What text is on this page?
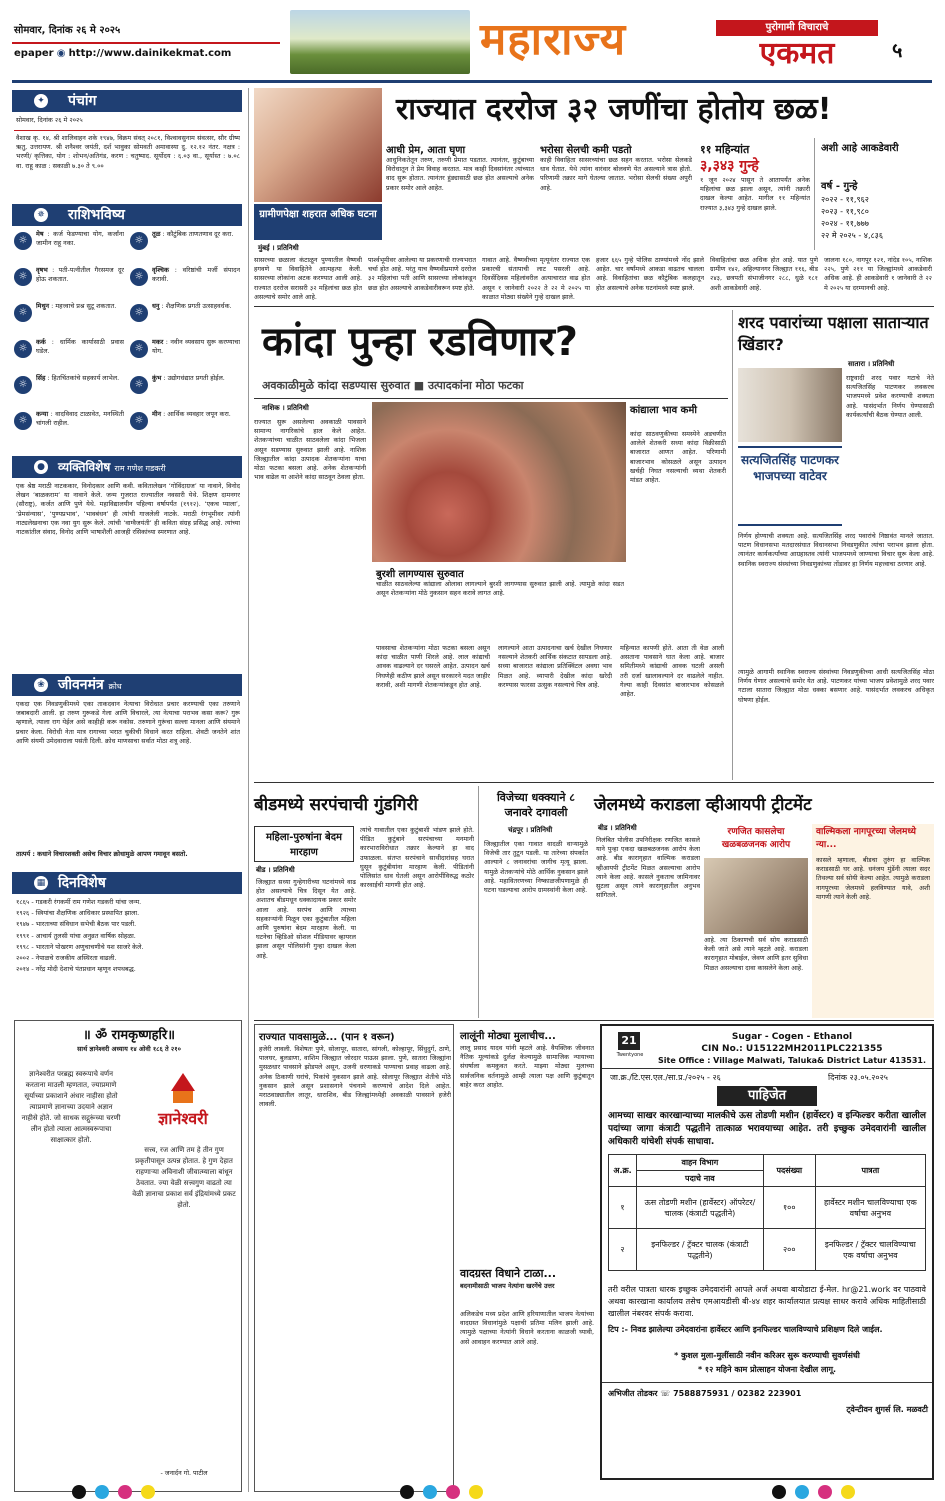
सोमवार, दिनांक २६ मे २०२५
epaper ◉ http://www.dainikekmat.com	महाराज्य	पुरोगामी विचाराचे
एकमत	५
✦ पंचांग
सोमवार, दिनांक २६ मे २०२५
वैशाख कृ. १४, श्री शालिवाहन शके १९४७, विक्रम संवत् २०८१, विश्वावसुनाम संवत्सर, सौर ग्रीष्म ऋतु, उत्तरायण. श्री शनैश्वर जयंती, दर्श भावुका सोमवती अमावास्या दु. १२.१२ नंतर. नक्षत्र : भरणी/ कृत्तिका, योग : शोभन/अतिगंड, करण : चतुष्पाद. सूर्योदय : ६.०३ वा., सूर्यास्त : ७.०८ वा. राहू काळ : सकाळी ७.३० ते ९.००
✵ राशिभविष्य
☼
मेष : कर्ज फेडण्याचा योग, कर्जांना जामीन राहू नका.
☼
वृषभ : पती-पत्नीतील गैरसमज दूर होऊ शकतात.
☼
मिथुन : महत्त्वाचे प्रश्न सुटू शकतात.
☼
कर्क : धार्मिक कार्यासाठी प्रवास घडेल.
☼
सिंह : हितचिंतकांचे सहकार्य लाभेल.
☼
कन्या : वादविवाद टाळावेत, मनस्थिती चांगली राहील.
☼
तूळ : कौटुंबिक ताणतणाव दूर करा.
☼
वृश्चिक : वरिष्ठांची मर्जी संपादन करावी.
☼
धनु : शैक्षणिक प्रगती उत्साहवर्धक.
☼
मकर : नवीन व्यवसाय सुरू करण्याचा योग.
☼
कुंभ : उद्योगधंद्यात प्रगती होईल.
☼
मीन : आर्थिक व्यवहार जपून करा.
● व्यक्तिविशेष राम गणेश गडकरी
एक श्रेष्ठ मराठी नाटककार, विनोदकार आणि कवी. कवितालेखन ‘गोविंदाग्रज’ या नावाने, विनोद लेखन ‘बाळकराम’ या नावाने केले. जन्म गुजरात राज्यातील नवसारी येथे. शिक्षण दामनगर (सौराष्ट्र), कर्जत आणि पुणे येथे. महाविद्यालयीन पहिल्या वर्षापर्यंत (१९१२). ‘एकच प्याला’, ‘प्रेमसंन्यास’, ‘पुण्यप्रभाव’, ‘भावबंधन’ ही त्यांची गाजलेली नाटके. मराठी रंगभूमीवर त्यांनी नाट्यलेखनाचा एक नवा युग सुरू केले. त्यांची ‘वाग्वैजयंती’ ही कविता संग्रह प्रसिद्ध आहे. त्यांच्या नाटकांतील संवाद, विनोद आणि भाषाशैली आजही रसिकांच्या स्मरणात आहे.
❀ जीवनमंत्र क्रोध
एकदा एक निवडणुकीमध्ये एका ताकदवान नेत्याचा विरोधात प्रचार करण्याची एका तरुणाने जबाबदारी आली. हा तरुण गुरूकडे गेला आणि विचारले, त्या नेत्याचा पराभव कसा करू? गुरू म्हणाले, त्याला राग येईल असे काहीही करू नकोस. तरुणाने गुरूंचा सल्ला मानला आणि संयमाने प्रचार केला. विरोधी नेता मात्र रागाच्या भरात चुकीची विधाने करत राहिला. शेवटी जनतेने शांत आणि संयमी उमेदवाराला पसंती दिली. क्रोध माणसाचा सर्वात मोठा शत्रू आहे.
तात्पर्य : कधाने विचारशक्ती असेच विचार क्रोधामुळे आपण गमावून बसतो.
▦ दिनविशेष
१८६५ - गडकरी रंगकर्मी राम गणेश गडकरी यांचा जन्म.
१९२६ - स्त्रियांचा शैक्षणिक आधिकार प्रस्थापित झाला.
१९४७ - भारताच्या संविधान सभेची बैठक पार पडली.
१९९१ - आचार्य तुलसी यांचा अनुव्रत वार्षिक सोहळा.
१९९८ - भारताने पोखरण अणुचाचणीचे यश साजरे केले.
२००२ - नेपाळचे राजकीय अस्थिरता वाढली.
२०१४ - नरेंद्र मोदी देशाचे पंतप्रधान म्हणून शपथबद्ध.
॥ ॐ रामकृष्णहरि॥
सार्थ ज्ञानेश्वरी अध्याय १४ ओवी १८६ ते २१०
ज्ञानेश्वरीत परब्रह्म स्वरूपाचे वर्णन करताना माउली म्हणतात, ज्याप्रमाणे सूर्याच्या प्रकाशाने अंधार नाहीसा होतो त्याप्रमाणे ज्ञानाच्या उदयाने अज्ञान नाहीसे होते. जो साधक सद्गुरूंच्या चरणी लीन होतो त्याला आत्मस्वरूपाचा साक्षात्कार होतो.
ज्ञानेश्वरी
सत्त्व, रज आणि तम हे तीन गुण प्रकृतीपासून उत्पन्न होतात. हे गुण देहात राहणाऱ्या अविनाशी जीवात्म्याला बांधून ठेवतात. ज्या वेळी सत्त्वगुण वाढतो त्या वेळी ज्ञानाचा प्रकाश सर्व इंद्रियांमध्ये प्रकट होतो.
- जनार्दन गो. पाटील
ग्रामीणपेक्षा शहरात अधिक घटना
राज्यात दररोज ३२ जणींचा होतोय छळ!
आधी प्रेम, आता घृणा
आधुनिकतेतून तरुण, तरुणी प्रेमात पडतात. त्यानंतर, कुटुंबाच्या विरोधातून ते प्रेम विवाह करतात. मात्र काही दिवसांनंतर त्यांच्यात वाद सुरू होतात. त्यानंतर हुंड्यासाठी छळ होत असल्याचे अनेक प्रकार समोर आले आहेत.
भरोसा सेलची कमी पडतो
काही विवाहिता सासरच्यांचा छळ सहन करतात. भरोसा सेलकडे धाव घेतात. येथे त्यांना वारंवार बोलवणे येत असल्याने त्रास होतो. परिणामी तक्रार मागे घेतल्या जातात. भरोसा सेलची संख्या अपुरी आहे.
११ महिन्यांत
३,३४३ गुन्हे
१ जून २०२४ पासून ते आतापर्यंत अनेक महिलांचा छळ झाला असून, त्यांनी तक्रारी दाखल केल्या आहेत. मागील ११ महिन्यांत राज्यात ३,३४३ गुन्हे दाखल झाले.
अशी आहे आकडेवारी
वर्ष - गुन्हे
२०२२ - ११,९६२
२०२३ - ११,९८०
२०२४ - ११,७७७
२२ मे २०२५ - ४,८३६
मुंबई । प्रतिनिधी
सासरच्या छळाला कंटाळून पुण्यातील वैष्णवी हगवणे या विवाहितेने आत्महत्या केली. सासरच्या लोकांना अटक करण्यात आली आहे. राज्यात दररोज सरासरी ३२ महिलांचा छळ होत असल्याचे समोर आले आहे.
पार्श्वभूमीवर आलेल्या या प्रकरणाची राज्यभरात चर्चा होत आहे. परंतु याच वैष्णवीप्रमाणे दररोज ३२ महिलांचा पती आणि सासरच्या लोकांकडून छळ होत असल्याचे आकडेवारीवरून स्पष्ट होते.
गावात आहे. वैष्णवीच्या मृत्यूनंतर राज्यात एक प्रकारची संतापाची लाट पसरली आहे. दिवसेंदिवस महिलांवरील अत्याचारात वाढ होत असून १ जानेवारी २०२२ ते २२ मे २०२५ या काळात मोठ्या संख्येने गुन्हे दाखल झाले.
हजार ६६५ गुन्हे पोलिस ठाण्यांमध्ये नोंद झाले आहेत. चार वर्षांमध्ये आकडा वाढतच चालला आहे. विवाहितांचा छळ कौटुंबिक कलहातून होत असल्याचे अनेक घटनांमध्ये स्पष्ट झाले.
विवाहितांचा छळ अधिक होत आहे. यात पुणे ग्रामीण १४२, अहिल्यानगर जिल्ह्यात ११६, बीड २४३, छत्रपती संभाजीनगर २८८, धुळे १८१ अशी आकडेवारी आहे.
जालना १८०, नागपूर १२१, नांदेड १०५, नाशिक २२५, पुणे २११ या जिल्ह्यांमध्ये आकडेवारी अधिक आहे. ही आकडेवारी १ जानेवारी ते २२ मे २०२५ या दरम्यानची आहे.
कांदा पुन्हा रडविणार?
अवकाळीमुळे कांदा सडण्यास सुरुवात ■ उत्पादकांना मोठा फटका
नाशिक । प्रतिनिधी	कांद्याला भाव कमी
कांदा साठवणुकीच्या समस्येने अडचणीत आलेले शेतकरी सध्या कांदा विक्रीसाठी बाजारात आणत आहेत. परिणामी बाजारभाव कोसळले असून उत्पादन खर्चही निघत नसल्याची व्यथा शेतकरी मांडत आहेत.
बुरशी लागण्यास सुरुवात
चाळीत साठवलेल्या कांद्याला ओलावा लागल्याने बुरशी लागण्यास सुरुवात झाली आहे. त्यामुळे कांदा सडत असून शेतकऱ्यांना मोठे नुकसान सहन करावे लागत आहे.
राज्यात सुरू असलेल्या अवकाळी पावसाने सामान्य नागरिकांचे हाल केले आहेत. शेतकऱ्यांच्या चाळीत साठवलेला कांदा भिजला असून सडण्यास सुरुवात झाली आहे. नाशिक जिल्ह्यातील कांदा उत्पादक शेतकऱ्यांना याचा मोठा फटका बसला आहे. अनेक शेतकऱ्यांनी भाव वाढेल या आशेने कांदा साठवून ठेवला होता.
पावसाचा शेतकऱ्यांना मोठा फटका बसला असून कांदा चाळीत पाणी शिरले आहे. लाल कांद्याची आवक वाढल्याने दर घसरले आहेत. उत्पादन खर्च निघणेही कठीण झाले असून सरकारने मदत जाहीर करावी, अशी मागणी शेतकऱ्यांकडून होत आहे.
लागल्याने आता उत्पादनाचा खर्च देखील निघणार नसल्याने शेतकरी आर्थिक संकटात सापडला आहे. सध्या बाजारात कांद्याला प्रतिक्विंटल अवघा भाव मिळत आहे. व्यापारी देखील कांदा खरेदी करण्यास फारसा उत्सुक नसल्याचे चित्र आहे.
महिन्यात कापणी होते. आता ती वेळ आली असताना पावसाने घात केला आहे. बाजार समितीमध्ये कांद्याची आवक घटली असली तरी दर्जा खालावल्याने दर वाढलेले नाहीत. गेल्या काही दिवसांत बाजारभाव कोसळले आहेत.
शरद पवारांच्या पक्षाला साताऱ्यात खिंडार?
सातारा । प्रतिनिधी
सत्यजितसिंह पाटणकर भाजपच्या वाटेवर
राष्ट्रवादी शरद पवार गटाचे नेते सत्यजितसिंह पाटणकर लवकरच भाजपमध्ये प्रवेश करण्याची शक्यता आहे. यासंदर्भात निर्णय घेण्यासाठी कार्यकर्त्यांची बैठक घेण्यात आली.
निर्णय होण्याची शक्यता आहे. सत्यजितसिंह शरद पवारांचे निष्ठावंत मानले जातात. पाटण विधानसभा मतदारसंघात विधानसभा निवडणुकीत त्यांचा पराभव झाला होता. त्यानंतर कार्यकर्त्यांच्या आग्रहास्तव त्यांनी भाजपमध्ये जाण्याचा विचार सुरू केला आहे. स्थानिक स्वराज्य संस्थांच्या निवडणुकांच्या तोंडावर हा निर्णय महत्त्वाचा ठरणार आहे.
त्यामुळे आगामी स्थानिक स्वराज्य संस्थांच्या निवडणुकीच्या आधी सत्यजितसिंह मोठा निर्णय घेणार असल्याचे समोर येत आहे. पाटणकर यांच्या भाजप प्रवेशामुळे शरद पवार गटाला सातारा जिल्ह्यात मोठा धक्का बसणार आहे. यासंदर्भात लवकरच अधिकृत घोषणा होईल.
बीडमध्ये सरपंचाची गुंडगिरी
महिला-पुरुषांना बेदम मारहाण
बीड । प्रतिनिधी
जिल्ह्यात सध्या गुन्हेगारीच्या घटनांमध्ये वाढ होत असल्याचे चित्र दिसून येत आहे. अशातच बीडमधून धक्कादायक प्रकार समोर आला आहे. सरपंच आणि त्याच्या सहकाऱ्यांनी मिळून एका कुटुंबातील महिला आणि पुरुषांना बेदम मारहाण केली. या घटनेचा व्हिडिओ सोशल मीडियावर व्हायरल झाला असून पोलिसांनी गुन्हा दाखल केला आहे.
त्यांचे गावातील एका कुटुंबाशी भांडण झाले होते. पीडित कुटुंबाने सरपंचाच्या मनमानी कारभाराविरोधात तक्रार केल्याने हा वाद उफाळला. संतप्त सरपंचाने साथीदारांसह घरात घुसून कुटुंबीयांना मारहाण केली. पीडितांनी पोलिसांत धाव घेतली असून आरोपींविरुद्ध कठोर कारवाईची मागणी होत आहे.
विजेच्या धक्क्याने ८ जनावरे दगावली
चंद्रपूर । प्रतिनिधी
जिल्ह्यातील एका गावात वादळी वाऱ्यामुळे विजेची तार तुटून पडली. या तारेच्या संपर्कात आल्याने ८ जनावरांचा जागीच मृत्यू झाला. यामुळे शेतकऱ्यांचे मोठे आर्थिक नुकसान झाले आहे. महावितरणच्या निष्काळजीपणामुळे ही घटना घडल्याचा आरोप ग्रामस्थांनी केला आहे.
जेलमध्ये कराडला व्हीआयपी ट्रीटमेंट
बीड । प्रतिनिधी
निलंबित पोलीस उपनिरीक्षक रणजित कासले याने पुन्हा एकदा खळबळजनक आरोप केला आहे. बीड कारागृहात वाल्मिक कराडला व्हीआयपी ट्रीटमेंट मिळत असल्याचा आरोप त्याने केला आहे. कासले नुकताच जामिनावर सुटला असून त्याने कारागृहातील अनुभव सांगितले.
रणजित कासलेचा खळबळजनक आरोप
आहे. त्या ठिकाणची सर्व सोय कराडसाठी केली जाते असे त्याने म्हटले आहे. कराडला कारागृहात मोबाईल, जेवण आणि इतर सुविधा मिळत असल्याचा दावा कासलेने केला आहे.
वाल्मिकला नागपूरच्या जेलमध्ये न्या...
कासले म्हणाला, बीडचा तुरुंग हा वाल्मिक कराडसाठी घर आहे. धनंजय मुंडेंनी त्याला सदर तिथल्या सर्व सोयी केल्या आहेत. त्यामुळे कराडला नागपूरच्या जेलमध्ये हलविण्यात यावे, अशी मागणी त्याने केली आहे.
राज्यात पावसामुळे... (पान १ वरून)
हजेरी लावली. विशेषतः पुणे, सोलापूर, सातारा, सांगली, कोल्हापूर, सिंधुदुर्ग, ठाणे, पालघर, बुलडाणा, वाशिम जिल्ह्यात जोरदार पाऊस झाला. पुणे, सातारा जिल्ह्यांना मुसळधार पावसाने झोडपले असून, उजनी धरणाकडे पाण्याचा प्रवाह वाढला आहे. अनेक ठिकाणी घरांचे, पिकांचे नुकसान झाले आहे. सोलापूर जिल्ह्यात शेतीचे मोठे नुकसान झाले असून प्रशासनाने पंचनामे करण्याचे आदेश दिले आहेत. मराठवाड्यातील लातूर, धाराशिव, बीड जिल्ह्यांमध्येही अवकाळी पावसाने हजेरी लावली.
लालूंनी मोठ्या मुलाचीच...
लालू प्रसाद यादव यांनी म्हटले आहे. वैयक्तिक जीवनात नैतिक मूल्यांकडे दुर्लक्ष केल्यामुळे सामाजिक न्यायाच्या संघर्षाला कमकुवत करते. माझ्या मोठ्या मुलाच्या सार्वजनिक वर्तनामुळे आम्ही त्याला पक्ष आणि कुटुंबातून बाहेर करत आहोत.
वादग्रस्त विधाने टाळा...
बदनामीसाठी भाजप नेत्यांना खरगेंचे उत्तर
अलिकडेच मध्य प्रदेश आणि हरियाणातील भाजप नेत्यांच्या वादग्रस्त विधानांमुळे पक्षाची प्रतिमा मलिन झाली आहे. त्यामुळे पक्षाच्या नेत्यांनी विधाने करताना काळजी घ्यावी, असे आवाहन करण्यात आले आहे.
21
Twentyone
Sugar - Cogen - Ethanol
CIN No.: U15122MH2011PLC221355
Site Office : Village Malwati, Taluka& District Latur 413531.
जा.क्र./टि.एस.एल./सा.प्र./२०२५ - २६	दिनांक २३.०५.२०२५
पाहिजेत
आमच्या साखर कारखान्याच्या मालकीचे ऊस तोडणी मशीन (हार्वेस्टर) व इन्फिल्डर करीता खालील पदांच्या जागा कंत्राटी पद्धतीने तात्काळ भरावयाच्या आहेत. तरी इच्छुक उमेदवारांनी खालील अधिकारी यांचेशी संपर्क साधावा.
अ.क्र.	वाहन विभाग	पदसंख्या	पात्रता
	पदाचे नाव		
१	ऊस तोडणी मशीन (हार्वेस्टर) ऑपरेटर/चालक (कंत्राटी पद्धतीने)	१००	हार्वेस्टर मशीन चालविण्याचा एक वर्षाचा अनुभव
२	इनफिल्डर / ट्रॅक्टर चालक (कंत्राटी पद्धतीने)	२००	इनफिल्डर / ट्रॅक्टर चालविण्याचा एक वर्षाचा अनुभव
तरी वरील पात्रता धारक इच्छुक उमेदवारांनी आपले अर्ज अथवा बायोडाटा ई-मेल. hr@21.work वर पाठवावे अथवा कारखाना कार्यालय तसेच एमआयडीसी बी-४४ शहर कार्यालयात प्रत्यक्ष साधर करावे अधिक माहितीसाठी खालील नंबरवर संपर्क करावा.
टिप :- निवड झालेल्या उमेदवारांना हार्वेस्टर आणि इनफिल्डर चालविण्याचे प्रशिक्षण दिले जाईल.
* कुशल मुला-मुलींसाठी नवीन करिअर सुरू करण्याची सुवर्णसंधी
* १२ महिने काम प्रोत्साहन योजना देखील लागू.
अभिजीत तोडकर ☏ 7588875931 / 02382 223901
ट्वेन्टीवन शुगर्स लि. मळवटी
